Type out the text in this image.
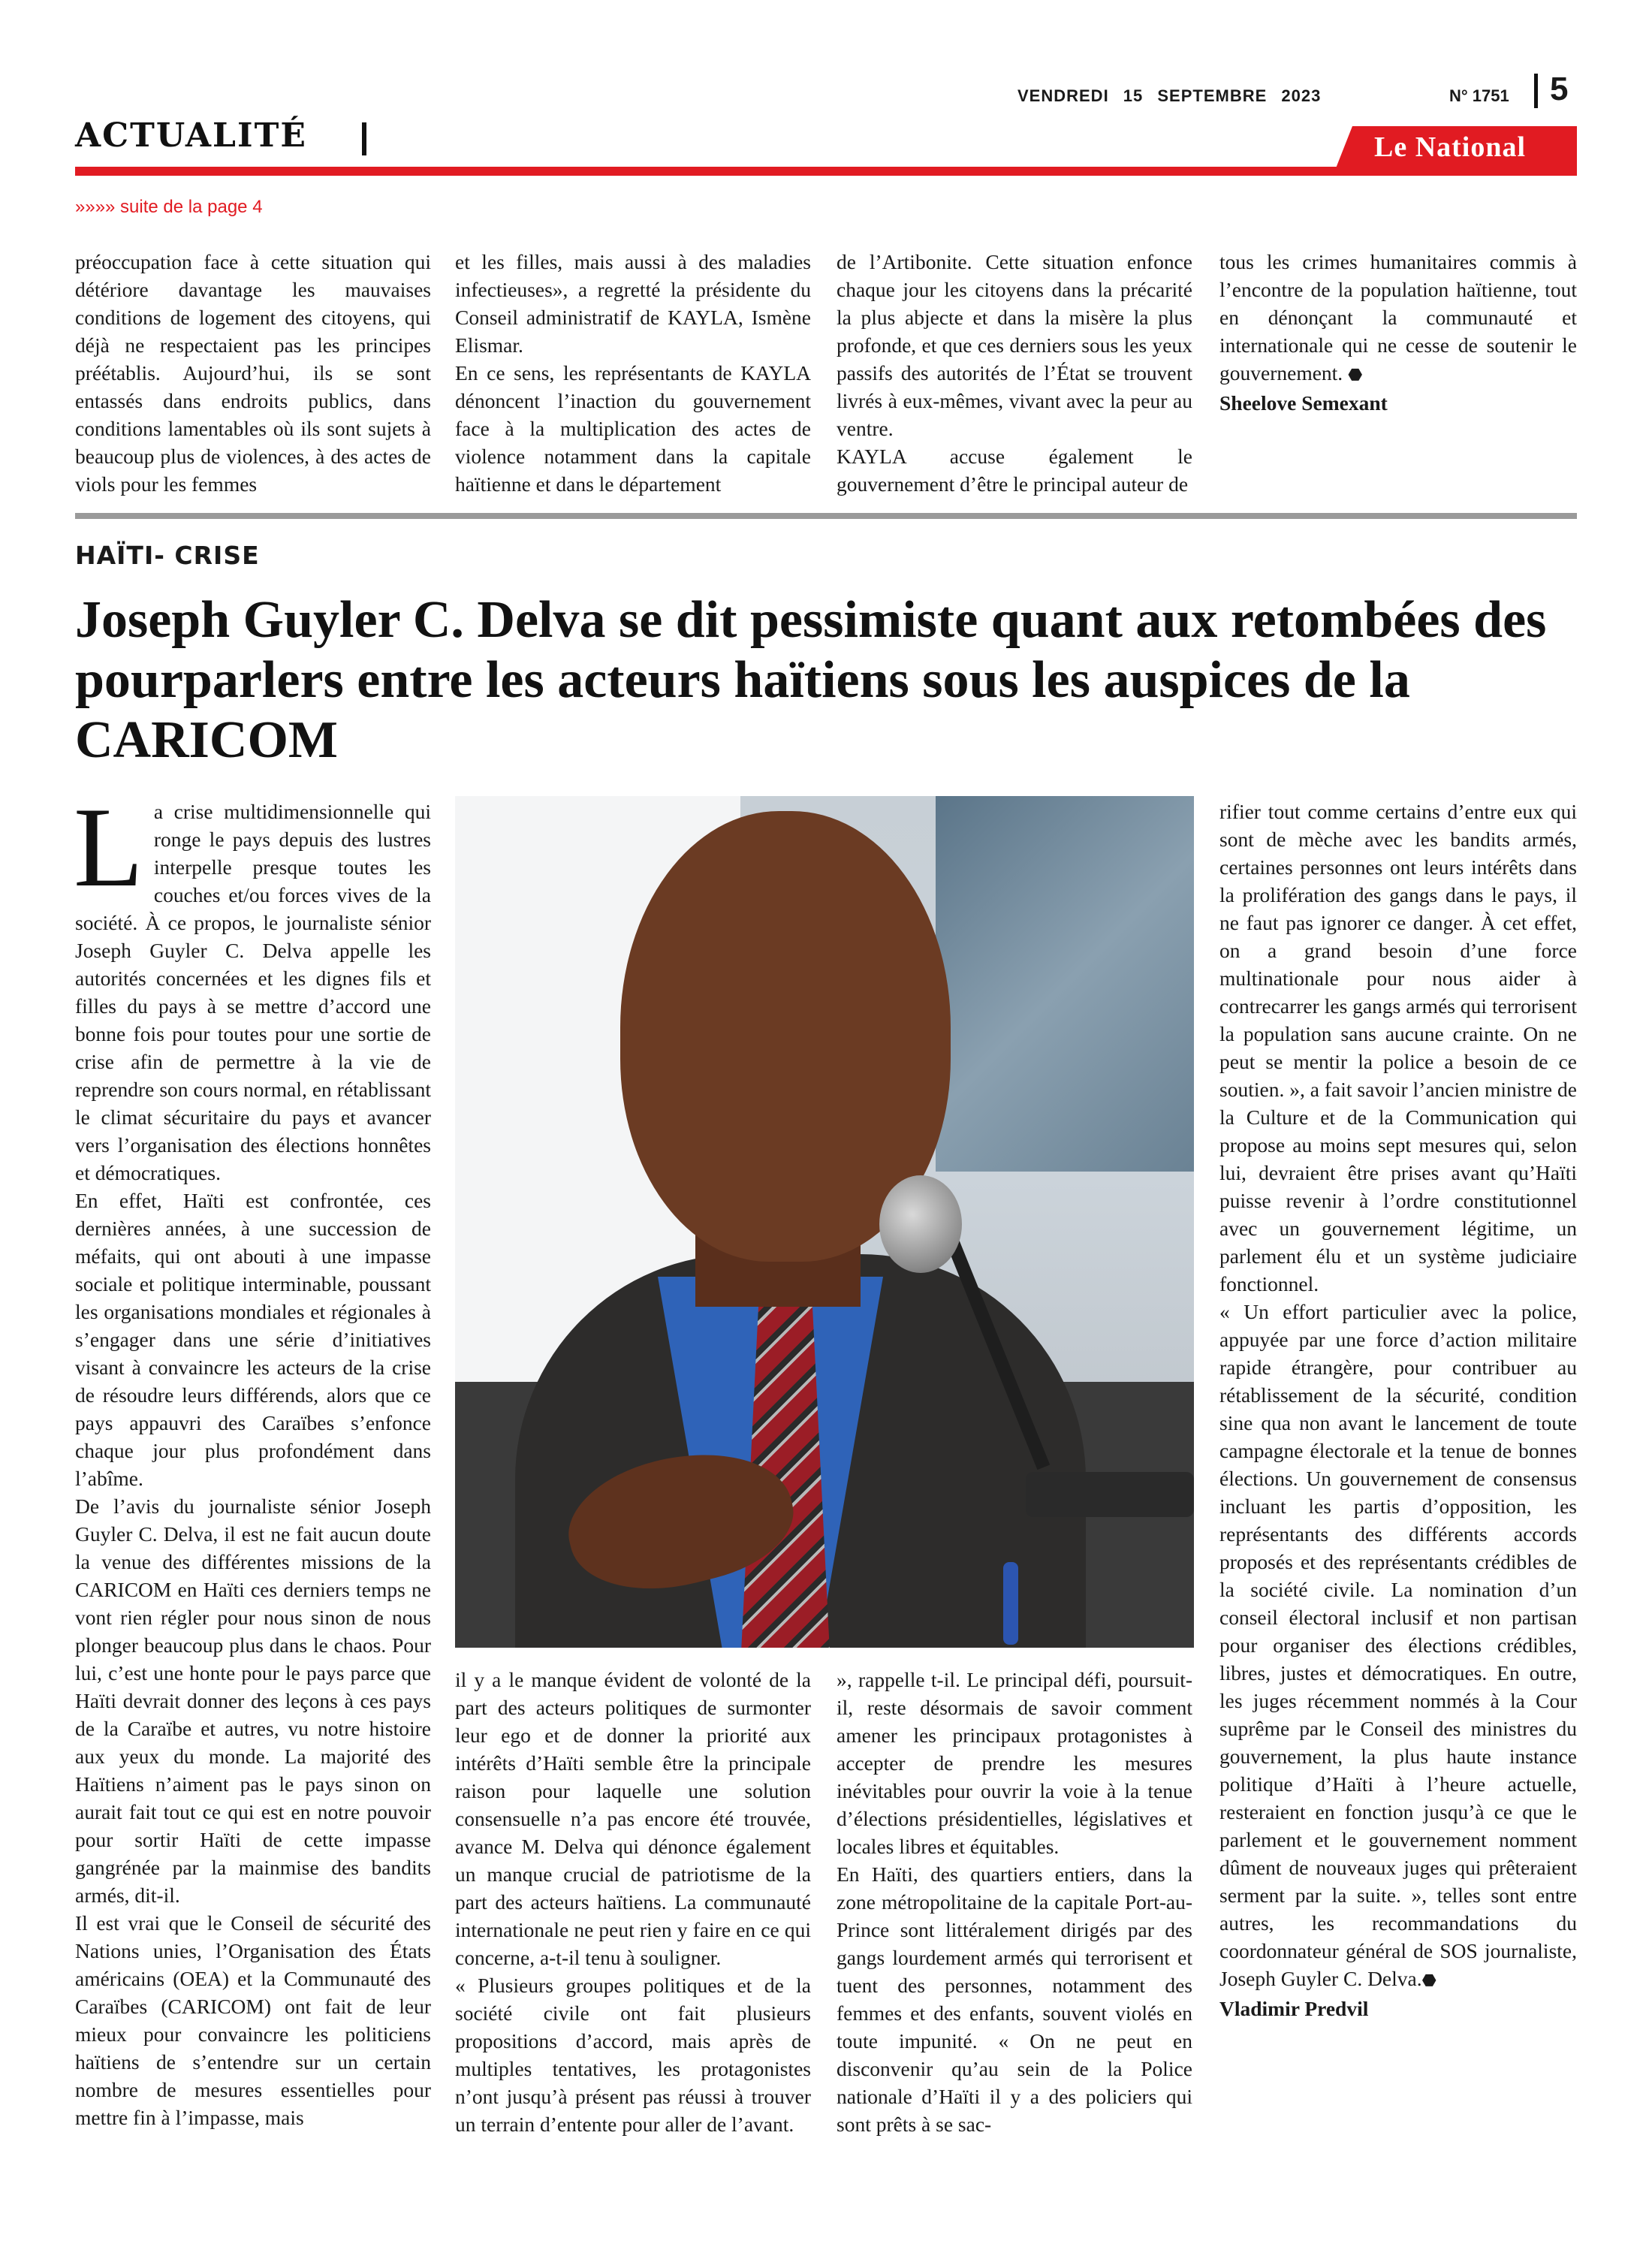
ACTUALITÉ
VENDREDI 15 SEPTEMBRE 2023	N° 1751 5
Le National
»»»» suite de la page 4

préoccupation face à cette situation qui détériore davantage les mauvaises conditions de logement des citoyens, qui déjà ne respectaient pas les principes préétablis. Aujourd’hui, ils se sont entassés dans endroits publics, dans conditions lamentables où ils sont sujets à beaucoup plus de violences, à des actes de viols pour les femmes

et les filles, mais aussi à des maladies infectieuses», a regretté la présidente du Conseil administratif de KAYLA, Ismène Elismar.

En ce sens, les représentants de KAYLA dénoncent l’inaction du gouvernement face à la multiplication des actes de violence notamment dans la capitale haïtienne et dans le département

de l’Artibonite. Cette situation enfonce chaque jour les citoyens dans la précarité la plus abjecte et dans la misère la plus profonde, et que ces derniers sous les yeux passifs des autorités de l’État se trouvent livrés à eux-mêmes, vivant avec la peur au ventre.

KAYLA accuse également le gouvernement d’être le principal auteur de

tous les crimes humanitaires commis à l’encontre de la population haïtienne, tout en dénonçant la communauté et internationale qui ne cesse de soutenir le gouvernement. ⬣

Sheelove Semexant

HAÏTI- CRISE
Joseph Guyler C. Delva se dit pessimiste quant aux retombées des pourparlers entre les acteurs haïtiens sous les auspices de la CARICOM

La crise multidimensionnelle qui ronge le pays depuis des lustres interpelle presque toutes les couches et/ou forces vives de la société. À ce propos, le journaliste sénior Joseph Guyler C. Delva appelle les autorités concernées et les dignes fils et filles du pays à se mettre d’accord une bonne fois pour toutes pour une sortie de crise afin de permettre à la vie de reprendre son cours normal, en rétablissant le climat sécuritaire du pays et avancer vers l’organisation des élections honnêtes et démocratiques.

En effet, Haïti est confrontée, ces dernières années, à une succession de méfaits, qui ont abouti à une impasse sociale et politique interminable, poussant les organisations mondiales et régionales à s’engager dans une série d’initiatives visant à convaincre les acteurs de la crise de résoudre leurs différends, alors que ce pays appauvri des Caraïbes s’enfonce chaque jour plus profondément dans l’abîme.

De l’avis du journaliste sénior Joseph Guyler C. Delva, il est ne fait aucun doute la venue des différentes missions de la CARICOM en Haïti ces derniers temps ne vont rien régler pour nous sinon de nous plonger beaucoup plus dans le chaos. Pour lui, c’est une honte pour le pays parce que Haïti devrait donner des leçons à ces pays de la Caraïbe et autres, vu notre histoire aux yeux du monde. La majorité des Haïtiens n’aiment pas le pays sinon on aurait fait tout ce qui est en notre pouvoir pour sortir Haïti de cette impasse gangrénée par la mainmise des bandits armés, dit-il.

Il est vrai que le Conseil de sécurité des Nations unies, l’Organisation des États américains (OEA) et la Communauté des Caraïbes (CARICOM) ont fait de leur mieux pour convaincre les politiciens haïtiens de s’entendre sur un certain nombre de mesures essentielles pour mettre fin à l’impasse, mais

il y a le manque évident de volonté de la part des acteurs politiques de surmonter leur ego et de donner la priorité aux intérêts d’Haïti semble être la principale raison pour laquelle une solution consensuelle n’a pas encore été trouvée, avance M. Delva qui dénonce également un manque crucial de patriotisme de la part des acteurs haïtiens. La communauté internationale ne peut rien y faire en ce qui concerne, a-t-il tenu à souligner.

« Plusieurs groupes politiques et de la société civile ont fait plusieurs propositions d’accord, mais après de multiples tentatives, les protagonistes n’ont jusqu’à présent pas réussi à trouver un terrain d’entente pour aller de l’avant.

», rappelle t-il. Le principal défi, poursuit-il, reste désormais de savoir comment amener les principaux protagonistes à accepter de prendre les mesures inévitables pour ouvrir la voie à la tenue d’élections présidentielles, législatives et locales libres et équitables.

En Haïti, des quartiers entiers, dans la zone métropolitaine de la capitale Port-au-Prince sont littéralement dirigés par des gangs lourdement armés qui terrorisent et tuent des personnes, notamment des femmes et des enfants, souvent violés en toute impunité. « On ne peut en disconvenir qu’au sein de la Police nationale d’Haïti il y a des policiers qui sont prêts à se sac-

rifier tout comme certains d’entre eux qui sont de mèche avec les bandits armés, certaines personnes ont leurs intérêts dans la prolifération des gangs dans le pays, il ne faut pas ignorer ce danger. À cet effet, on a grand besoin d’une force multinationale pour nous aider à contrecarrer les gangs armés qui terrorisent la population sans aucune crainte. On ne peut se mentir la police a besoin de ce soutien. », a fait savoir l’ancien ministre de la Culture et de la Communication qui propose au moins sept mesures qui, selon lui, devraient être prises avant qu’Haïti puisse revenir à l’ordre constitutionnel avec un gouvernement légitime, un parlement élu et un système judiciaire fonctionnel.

« Un effort particulier avec la police, appuyée par une force d’action militaire rapide étrangère, pour contribuer au rétablissement de la sécurité, condition sine qua non avant le lancement de toute campagne électorale et la tenue de bonnes élections. Un gouvernement de consensus incluant les partis d’opposition, les représentants des différents accords proposés et des représentants crédibles de la société civile. La nomination d’un conseil électoral inclusif et non partisan pour organiser des élections crédibles, libres, justes et démocratiques. En outre, les juges récemment nommés à la Cour suprême par le Conseil des ministres du gouvernement, la plus haute instance politique d’Haïti à l’heure actuelle, resteraient en fonction jusqu’à ce que le parlement et le gouvernement nomment dûment de nouveaux juges qui prêteraient serment par la suite. », telles sont entre autres, les recommandations du coordonnateur général de SOS journaliste, Joseph Guyler C. Delva.⬣

Vladimir Predvil
